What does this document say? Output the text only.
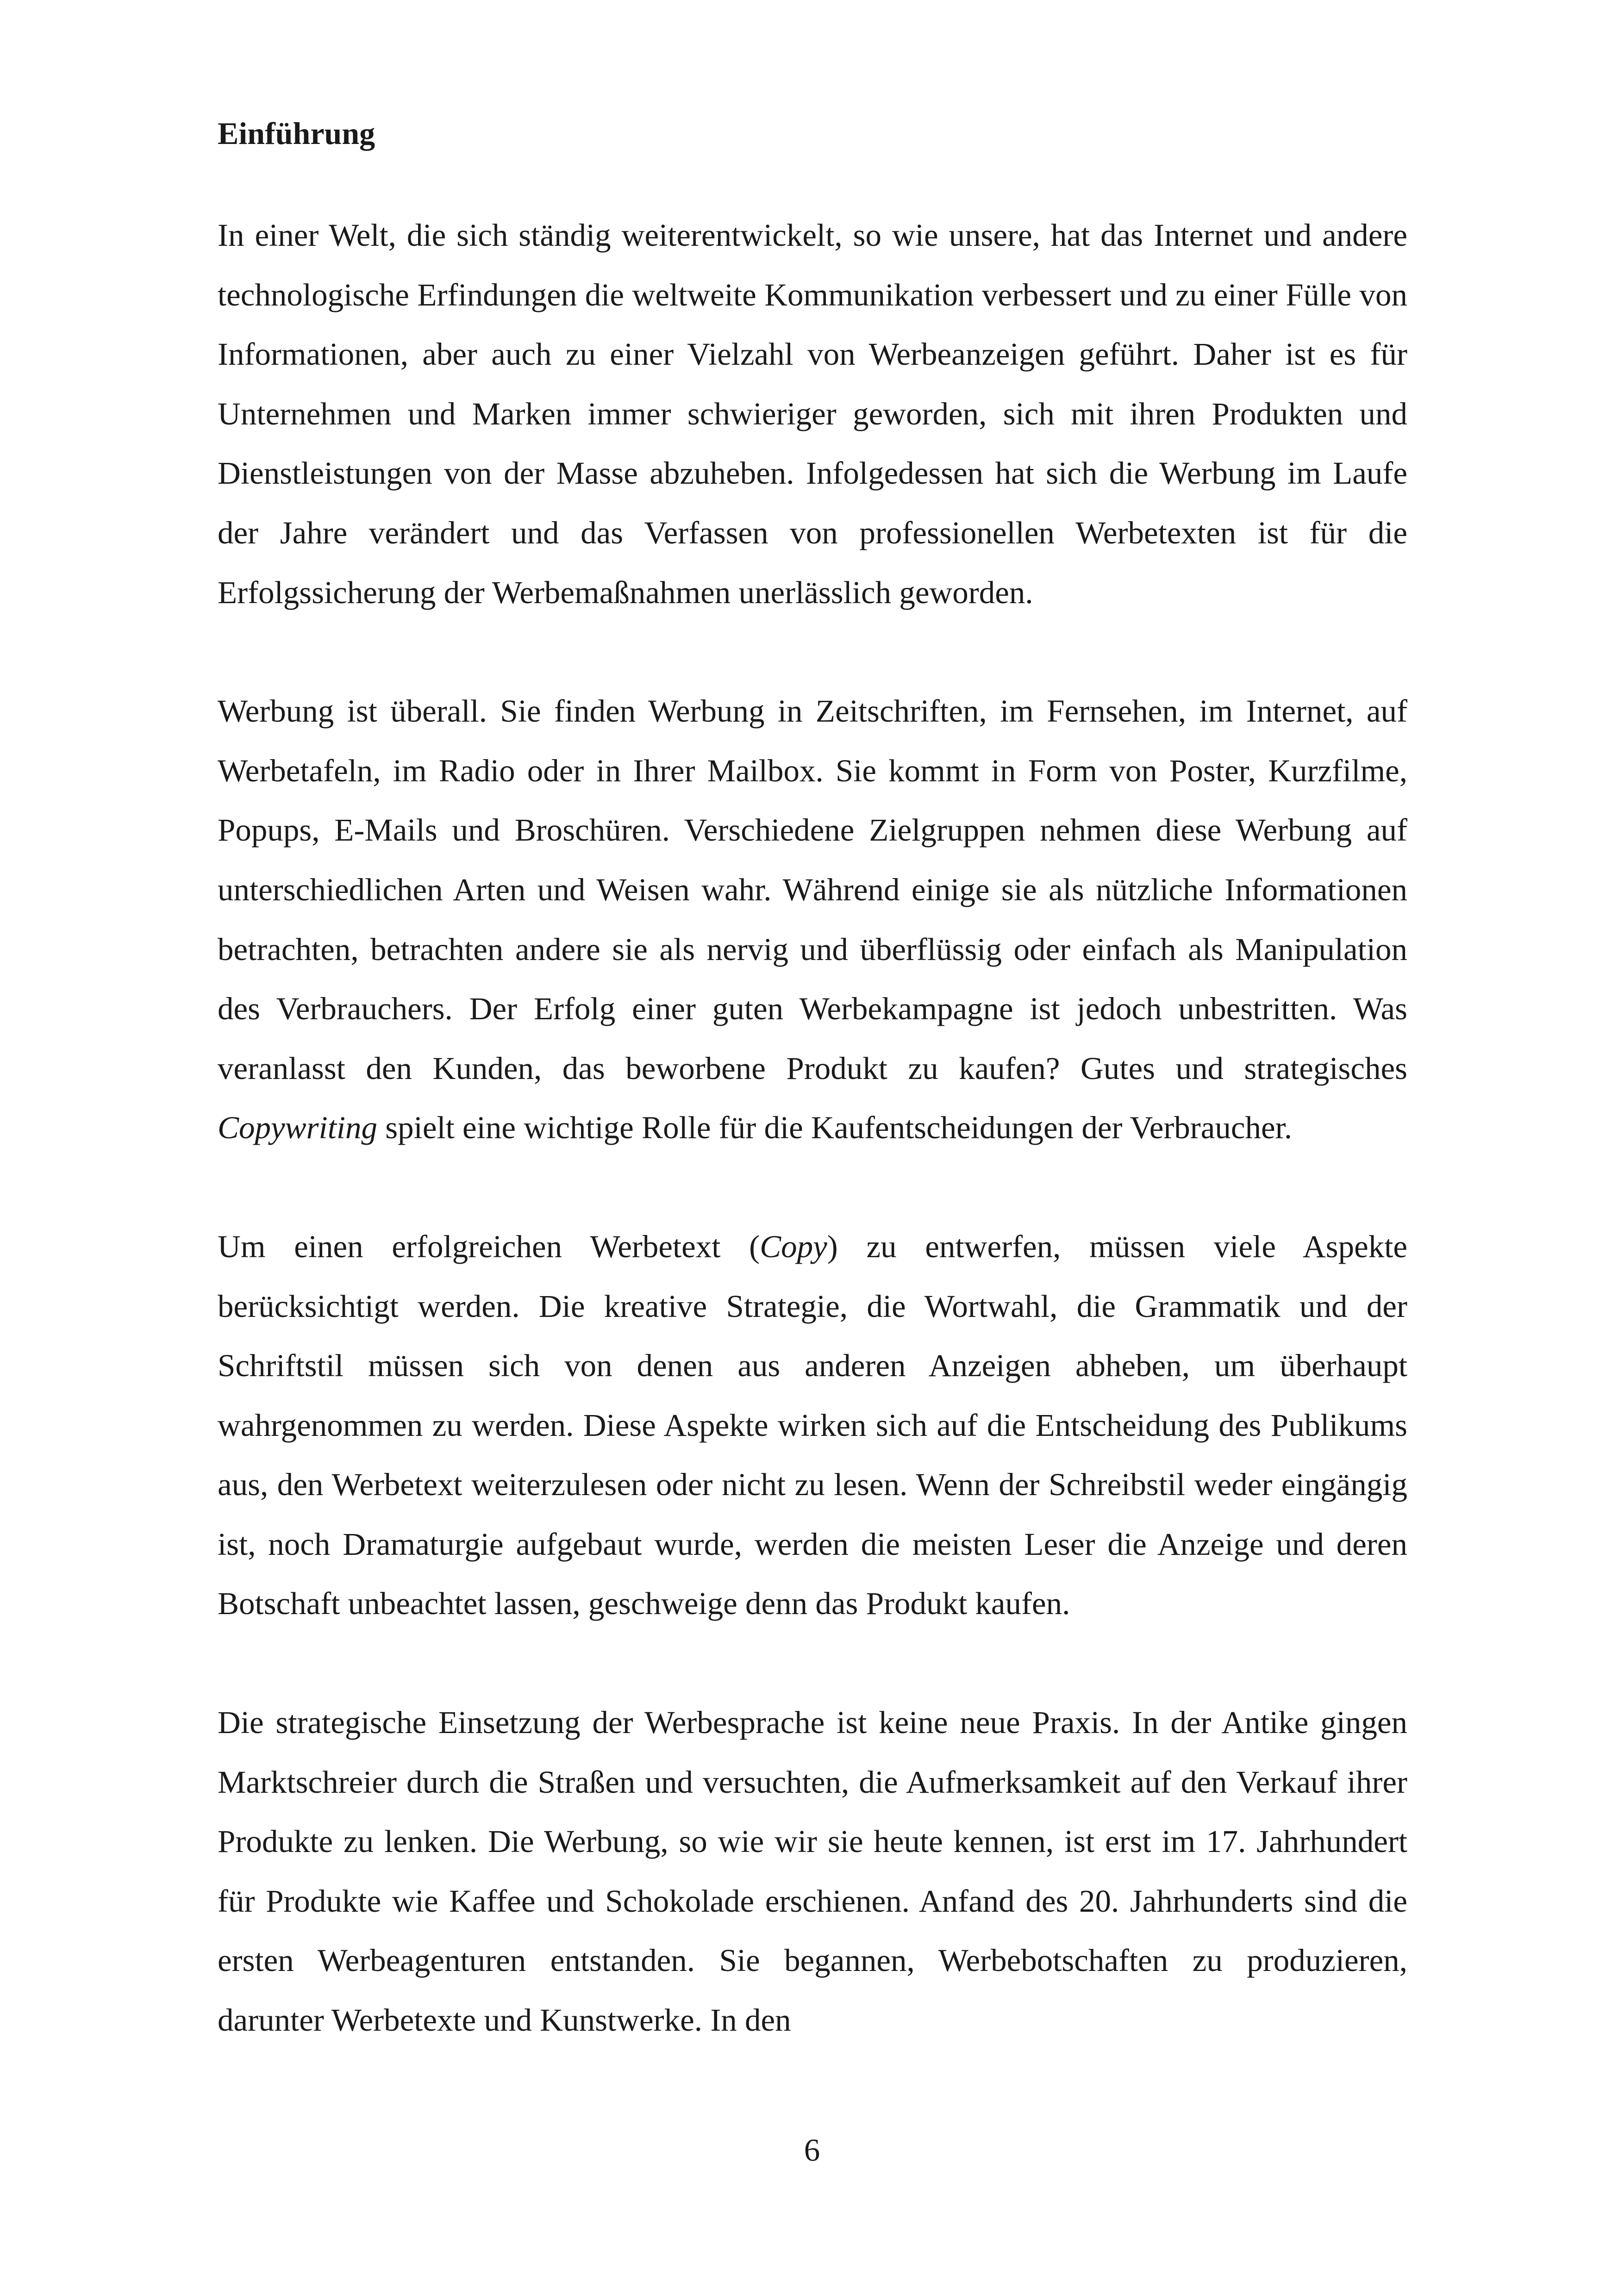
Einführung

In einer Welt, die sich ständig weiterentwickelt, so wie unsere, hat das Internet und andere technologische Erfindungen die weltweite Kommunikation verbessert und zu einer Fülle von Informationen, aber auch zu einer Vielzahl von Werbeanzeigen geführt. Daher ist es für Unternehmen und Marken immer schwieriger geworden, sich mit ihren Produkten und Dienstleistungen von der Masse abzuheben. Infolgedessen hat sich die Werbung im Laufe der Jahre verändert und das Verfassen von professionellen Werbetexten ist für die Erfolgssicherung der Werbemaßnahmen unerlässlich geworden.

Werbung ist überall. Sie finden Werbung in Zeitschriften, im Fernsehen, im Internet, auf Werbetafeln, im Radio oder in Ihrer Mailbox. Sie kommt in Form von Poster, Kurzfilme, Popups, E-Mails und Broschüren. Verschiedene Zielgruppen nehmen diese Werbung auf unterschiedlichen Arten und Weisen wahr. Während einige sie als nützliche Informationen betrachten, betrachten andere sie als nervig und überflüssig oder einfach als Manipulation des Verbrauchers. Der Erfolg einer guten Werbekampagne ist jedoch unbestritten. Was veranlasst den Kunden, das beworbene Produkt zu kaufen? Gutes und strategisches Copywriting spielt eine wichtige Rolle für die Kaufentscheidungen der Verbraucher.

Um einen erfolgreichen Werbetext (Copy) zu entwerfen, müssen viele Aspekte berücksichtigt werden. Die kreative Strategie, die Wortwahl, die Grammatik und der Schriftstil müssen sich von denen aus anderen Anzeigen abheben, um überhaupt wahrgenommen zu werden. Diese Aspekte wirken sich auf die Entscheidung des Publikums aus, den Werbetext weiterzulesen oder nicht zu lesen. Wenn der Schreibstil weder eingängig ist, noch Dramaturgie aufgebaut wurde, werden die meisten Leser die Anzeige und deren Botschaft unbeachtet lassen, geschweige denn das Produkt kaufen.

Die strategische Einsetzung der Werbesprache ist keine neue Praxis. In der Antike gingen Marktschreier durch die Straßen und versuchten, die Aufmerksamkeit auf den Verkauf ihrer Produkte zu lenken. Die Werbung, so wie wir sie heute kennen, ist erst im 17. Jahrhundert für Produkte wie Kaffee und Schokolade erschienen. Anfand des 20. Jahrhunderts sind die ersten Werbeagenturen entstanden. Sie begannen, Werbebotschaften zu produzieren, darunter Werbetexte und Kunstwerke. In den

6
